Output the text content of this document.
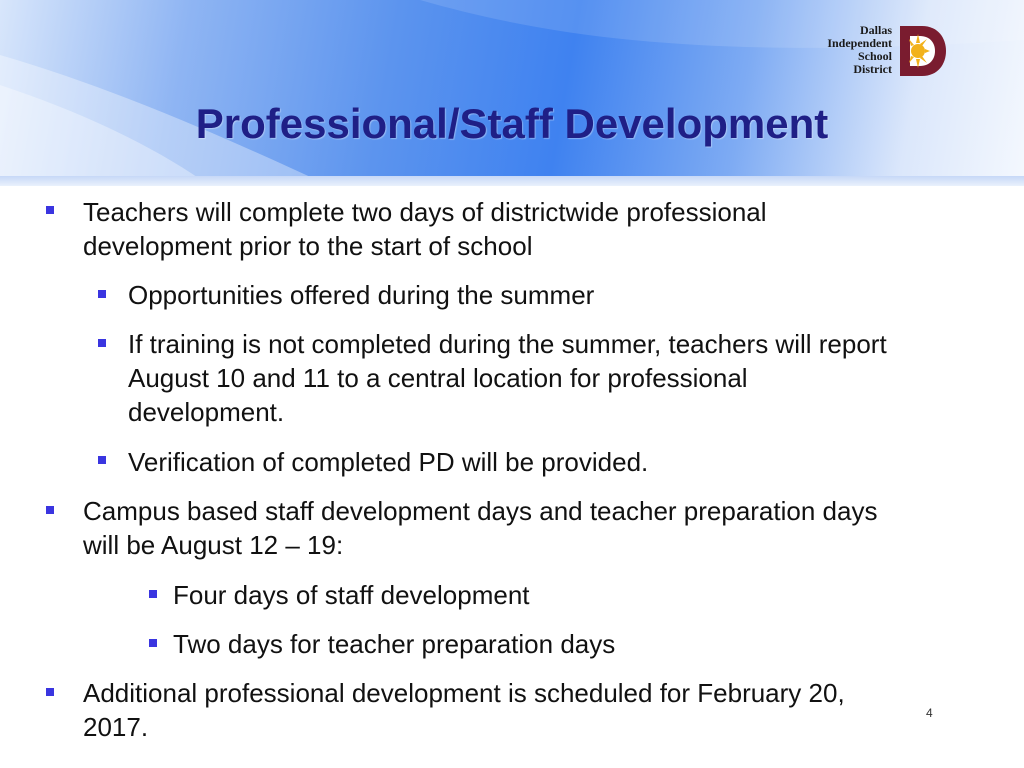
Dallas
Independent
School
District
Professional/Staff Development
Teachers will complete two days of districtwide professional
development prior to the start of school
Opportunities offered during the summer
If training is not completed during the summer, teachers will report
August 10 and 11 to a central location for professional
development.
Verification of completed PD will be provided.
Campus based staff development days and teacher preparation days
will be August 12 – 19:
Four days of staff development
Two days for teacher preparation days
Additional professional development is scheduled for February 20,
2017.	4
